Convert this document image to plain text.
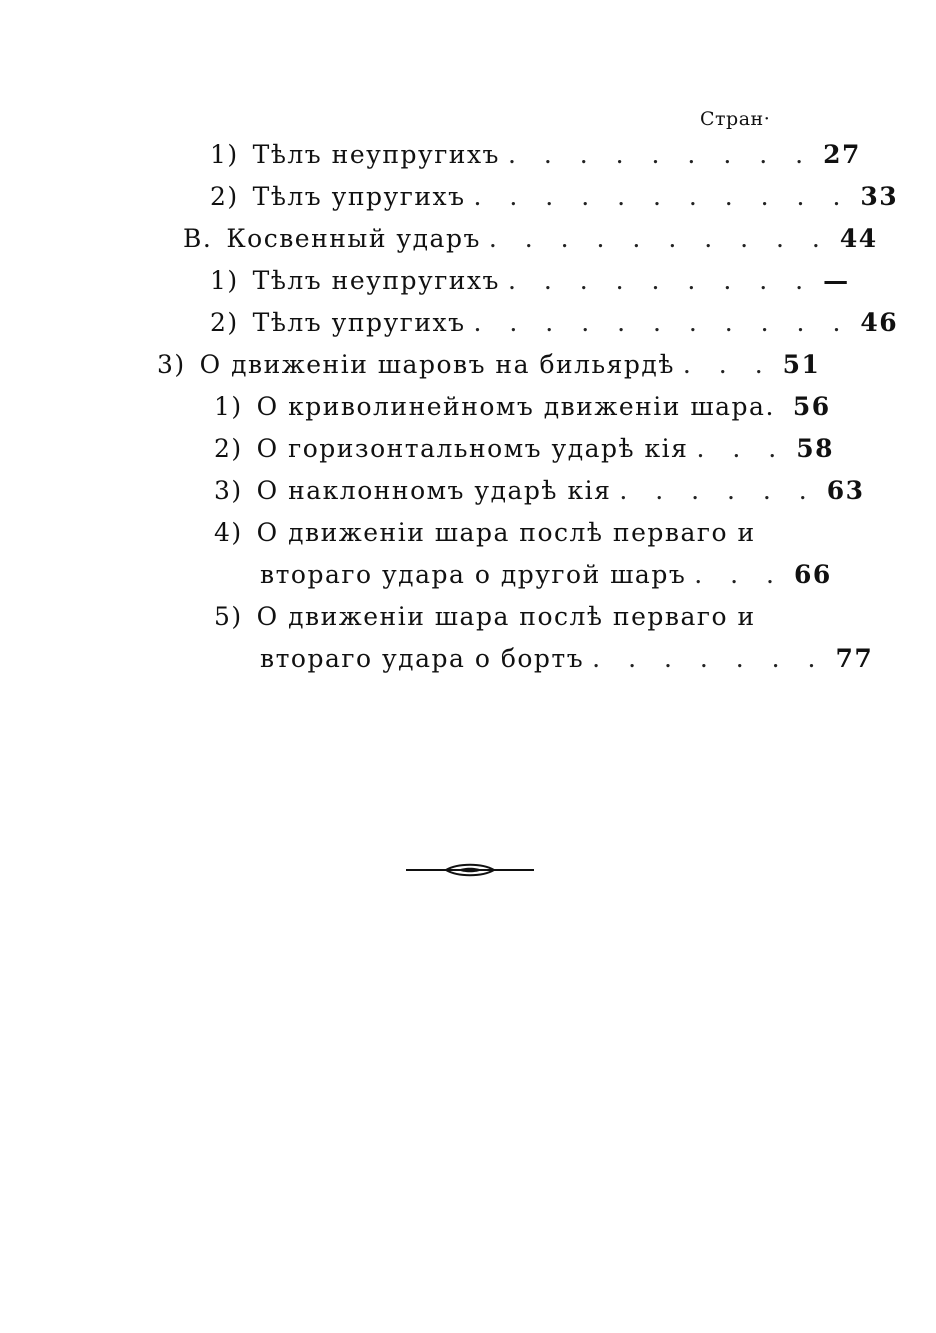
Стран·
1) Тѣлъ неупругихъ . . . . . . . . . 27
2) Тѣлъ упругихъ . . . . . . . . . . . 33
B. Косвенный ударъ . . . . . . . . . . 44
1) Тѣлъ неупругихъ . . . . . . . . . —
2) Тѣлъ упругихъ . . . . . . . . . . . 46
3) О движеніи шаровъ на бильярдѣ . . . 51
1) О криволинейномъ движеніи шара. 56
2) О горизонтальномъ ударѣ кія . . . 58
3) О наклонномъ ударѣ кія . . . . . . 63
4) О движеніи шара послѣ перваго и
втораго удара о другой шаръ . . . 66
5) О движеніи шара послѣ перваго и
втораго удара о бортъ . . . . . . . 77
